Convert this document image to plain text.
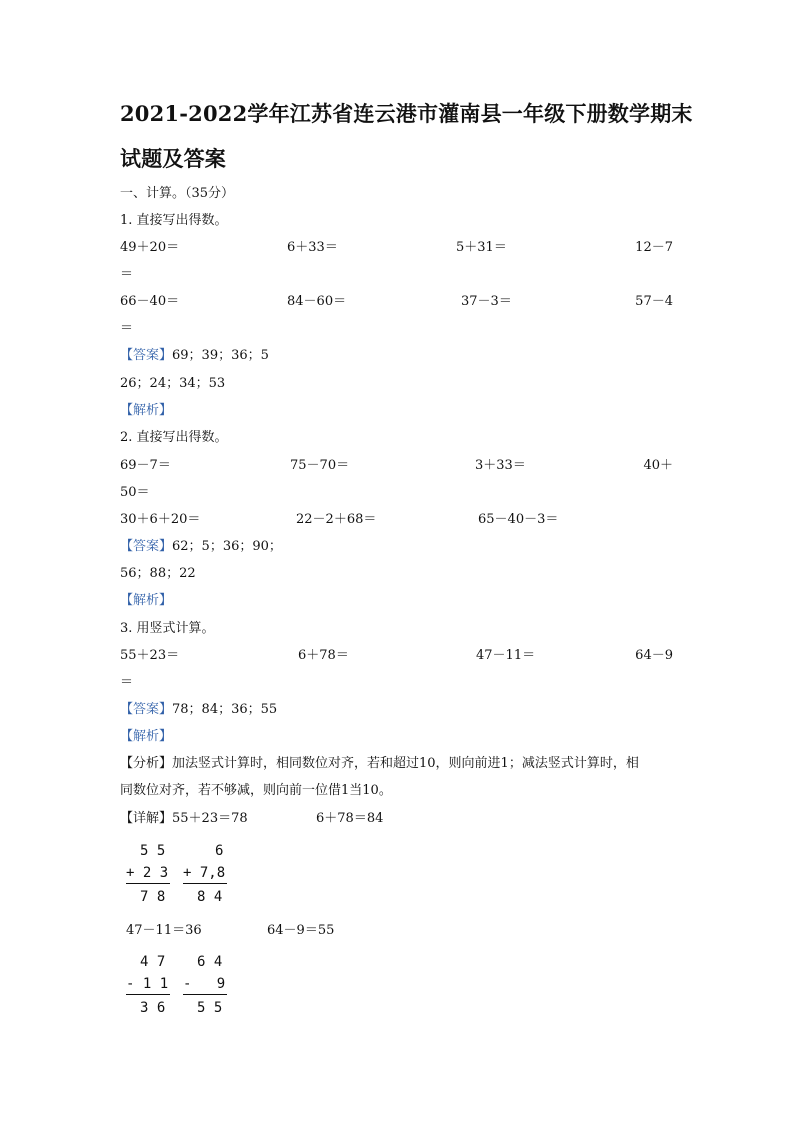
2021-2022学年江苏省连云港市灌南县一年级下册数学期末
试题及答案
一、计算。（35分）
1. 直接写出得数。
49＋20＝	6＋33＝	5＋31＝	12－7
＝
66－40＝	84－60＝	37－3＝	57－4
＝
【答案】69；39；36；5
26；24；34；53
【解析】
2. 直接写出得数。
69－7＝	75－70＝	3＋33＝	40＋
50＝
30＋6＋20＝	22－2＋68＝	65－40－3＝
【答案】62；5；36；90；
56；88；22
【解析】
3. 用竖式计算。
55＋23＝	6＋78＝	47－11＝	64－9
＝
【答案】78；84；36；55
【解析】
【分析】加法竖式计算时，相同数位对齐，若和超过10，则向前进1；减法竖式计算时，相
同数位对齐，若不够减，则向前一位借1当10。
【详解】55＋23＝78	6＋78＝84
5 5
+ 2 3
7 8
6
+ 7,8
8 4
47－11＝36	64－9＝55
4 7
- 1 1
3 6
6 4
-   9
5 5
